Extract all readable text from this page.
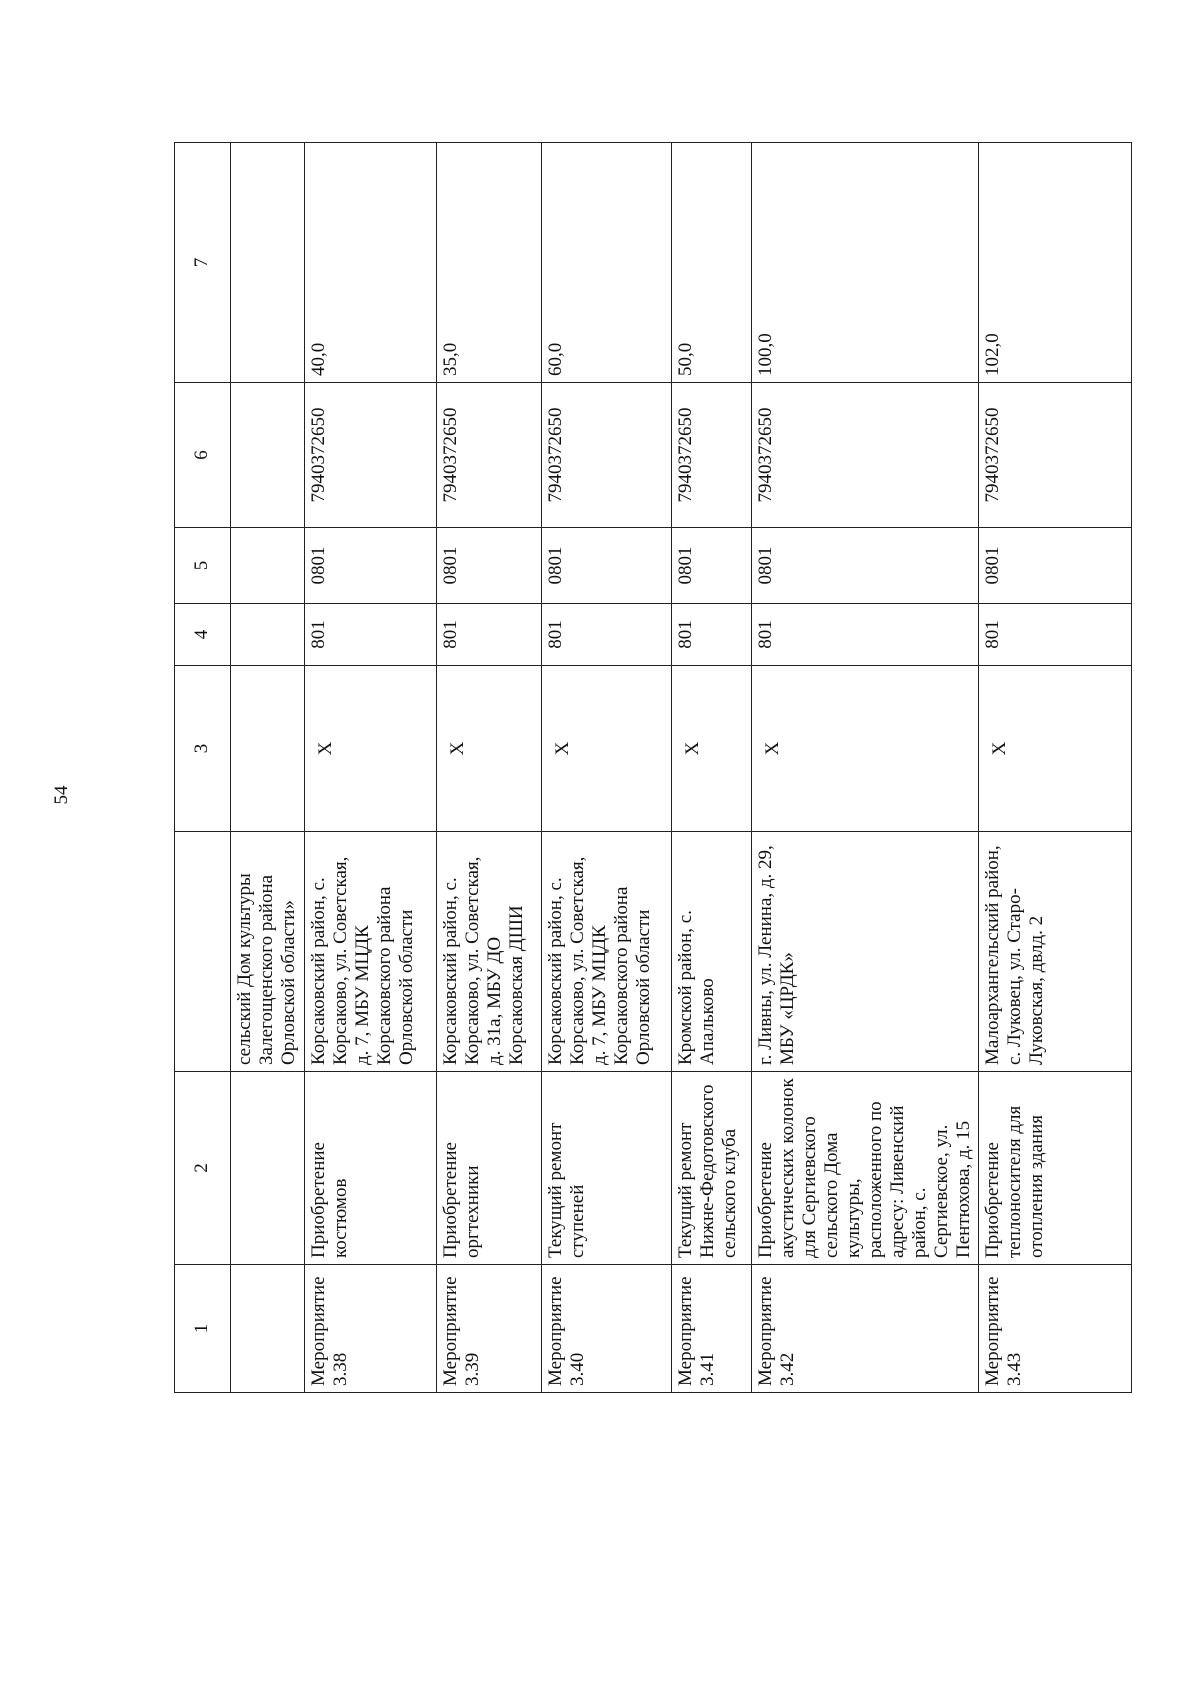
54
1	2		3	4	5	6	7
		сельский Дом культуры Залегощенского района Орловской области»					
Мероприятие 3.38	Приобретение костюмов	Корсаковский район, с. Корсаково, ул. Советская, д. 7, МБУ МЦДК Корсаковского района Орловской области	Х	801	0801	7940372650	40,0
Мероприятие 3.39	Приобретение оргтехники	Корсаковский район, с. Корсаково, ул. Советская, д. 31а, МБУ ДО Корсаковская ДШИ	Х	801	0801	7940372650	35,0
Мероприятие 3.40	Текущий ремонт ступеней	Корсаковский район, с. Корсаково, ул. Советская, д. 7, МБУ МЦДК Корсаковского района Орловской области	Х	801	0801	7940372650	60,0
Мероприятие 3.41	Текущий ремонт Нижне-Федотовского сельского клуба	Кромской район, с. Апальково	Х	801	0801	7940372650	50,0
Мероприятие 3.42	Приобретение акустических колонок для Сергиевского сельского Дома культуры, расположенного по адресу: Ливенский район, с. Сергиевское, ул. Пентюхова, д. 15	г. Ливны, ул. Ленина, д. 29, МБУ «ЦРДК»	Х	801	0801	7940372650	100,0
Мероприятие 3.43	Приобретение теплоносителя для отопления здания	Малоархангельский район, с. Луковец, ул. Старо-Луковская, двлд. 2	Х	801	0801	7940372650	102,0
